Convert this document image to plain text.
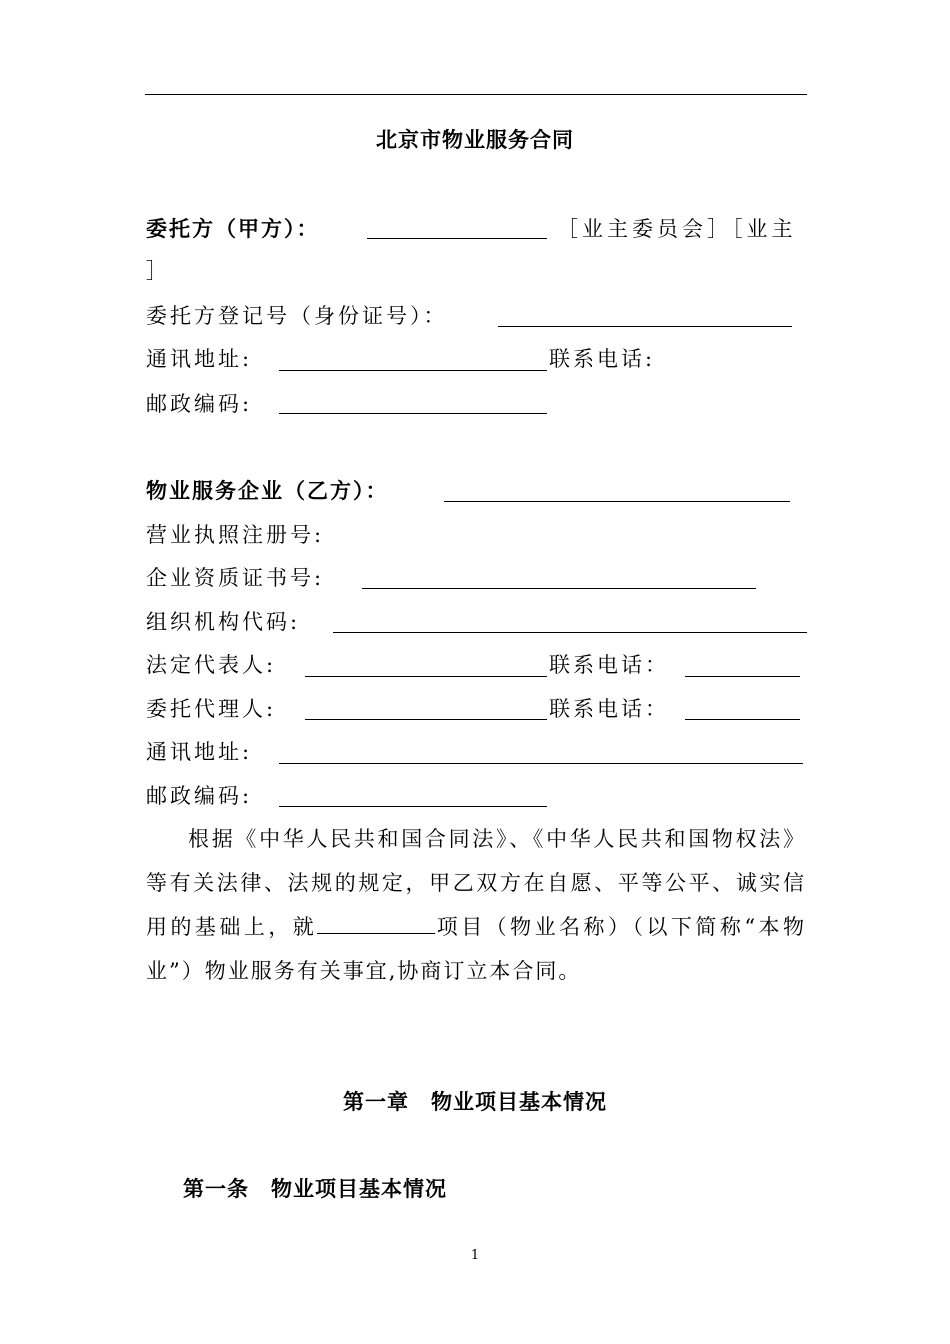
北京市物业服务合同
委托方（甲方）：	［业主委员会］［业主
］
委托方登记号（身份证号）：
通讯地址:	联系电话:
邮政编码:
物业服务企业（乙方）：
营业执照注册号:
企业资质证书号:
组织机构代码:
法定代表人:	联系电话：
委托代理人:	联系电话：
通讯地址:
邮政编码:
根据《中华人民共和国合同法》、《中华人民共和国物权法》等有关法律、法规的规定，甲乙双方在自愿、平等公平、诚实信用的基础上，就	项目（物业名称）（以下简称“本物业”）物业服务有关事宜,协商订立本合同。
第一章　物业项目基本情况
第一条　物业项目基本情况
1
